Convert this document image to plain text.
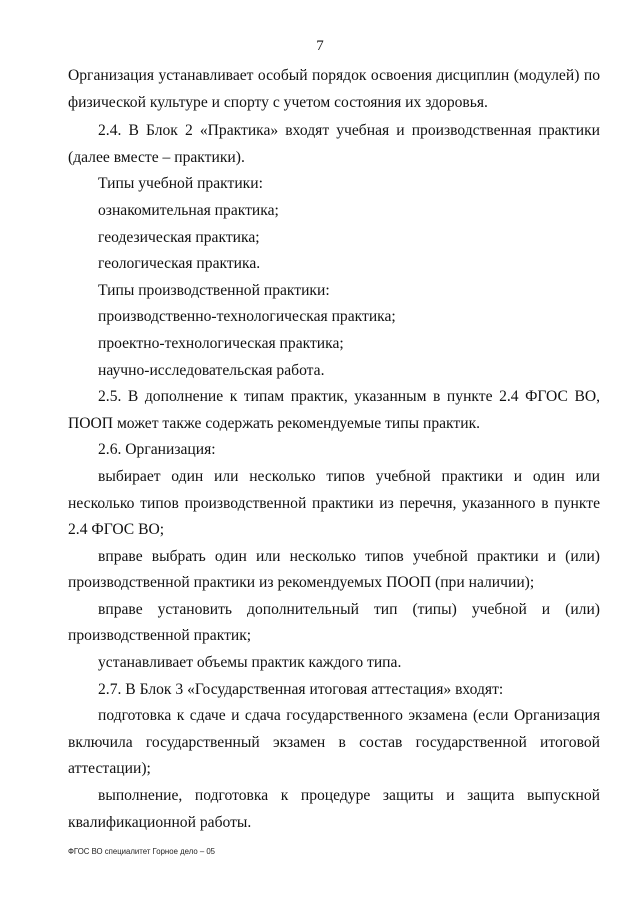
7

Организация устанавливает особый порядок освоения дисциплин (модулей) по физической культуре и спорту с учетом состояния их здоровья.

2.4. В Блок 2 «Практика» входят учебная и производственная практики (далее вместе – практики).

Типы учебной практики:

ознакомительная практика;

геодезическая практика;

геологическая практика.

Типы производственной практики:

производственно-технологическая практика;

проектно-технологическая практика;

научно-исследовательская работа.

2.5. В дополнение к типам практик, указанным в пункте 2.4 ФГОС ВО, ПООП может также содержать рекомендуемые типы практик.

2.6. Организация:

выбирает один или несколько типов учебной практики и один или несколько типов производственной практики из перечня, указанного в пункте 2.4 ФГОС ВО;

вправе выбрать один или несколько типов учебной практики и (или) производственной практики из рекомендуемых ПООП (при наличии);

вправе установить дополнительный тип (типы) учебной и (или) производственной практик;

устанавливает объемы практик каждого типа.

2.7. В Блок 3 «Государственная итоговая аттестация» входят:

подготовка к сдаче и сдача государственного экзамена (если Организация включила государственный экзамен в состав государственной итоговой аттестации);

выполнение, подготовка к процедуре защиты и защита выпускной квалификационной работы.

ФГОС ВО специалитет Горное дело – 05
